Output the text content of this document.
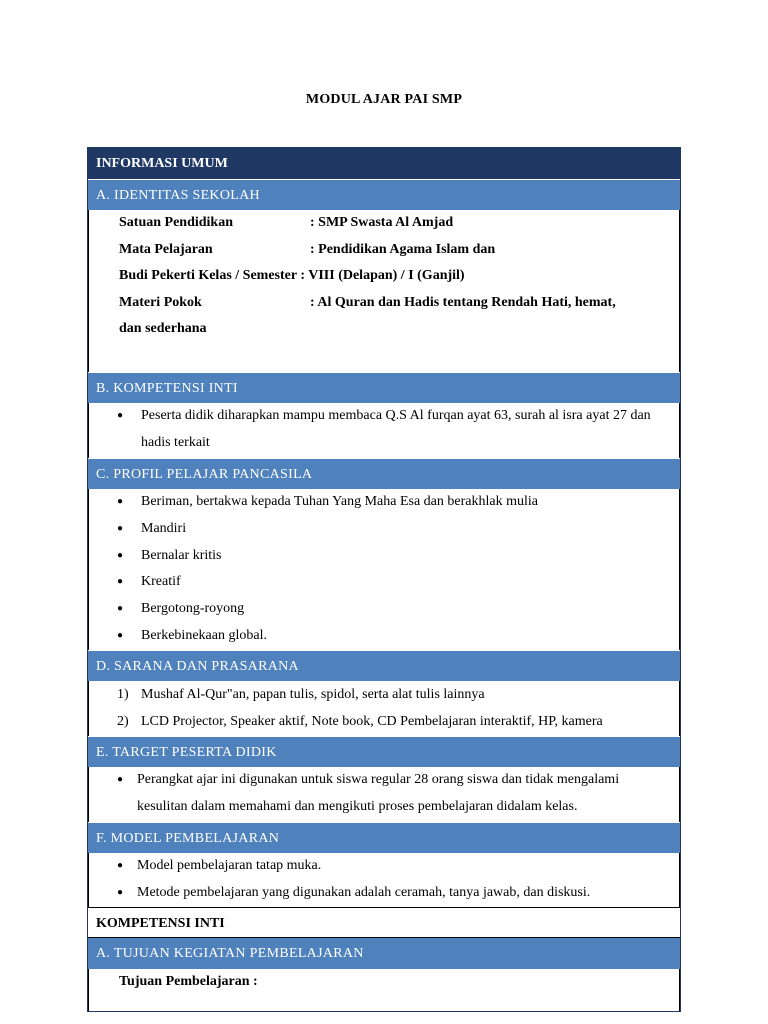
MODUL AJAR PAI SMP
INFORMASI UMUM
A. IDENTITAS SEKOLAH
Satuan Pendidikan	: SMP Swasta Al Amjad
Mata Pelajaran	: Pendidikan Agama Islam dan
Budi Pekerti Kelas / Semester : VIII (Delapan) / I (Ganjil)
Materi Pokok	: Al Quran dan Hadis tentang Rendah Hati, hemat,
dan sederhana
B. KOMPETENSI INTI
●	Peserta didik diharapkan mampu membaca Q.S Al furqan ayat 63, surah al isra ayat 27 dan hadis terkait
C. PROFIL PELAJAR PANCASILA
●	Beriman, bertakwa kepada Tuhan Yang Maha Esa dan berakhlak mulia
●	Mandiri
●	Bernalar kritis
●	Kreatif
●	Bergotong-royong
●	Berkebinekaan global.
D. SARANA DAN PRASARANA
1) Mushaf Al-Qur"an, papan tulis, spidol, serta alat tulis lainnya
2) LCD Projector, Speaker aktif, Note book, CD Pembelajaran interaktif, HP, kamera
E. TARGET PESERTA DIDIK
● Perangkat ajar ini digunakan untuk siswa regular 28 orang siswa dan tidak mengalami kesulitan dalam memahami dan mengikuti proses pembelajaran didalam kelas.
F. MODEL PEMBELAJARAN
● Model pembelajaran tatap muka.
● Metode pembelajaran yang digunakan adalah ceramah, tanya jawab, dan diskusi.
KOMPETENSI INTI
A. TUJUAN KEGIATAN PEMBELAJARAN
Tujuan Pembelajaran :
